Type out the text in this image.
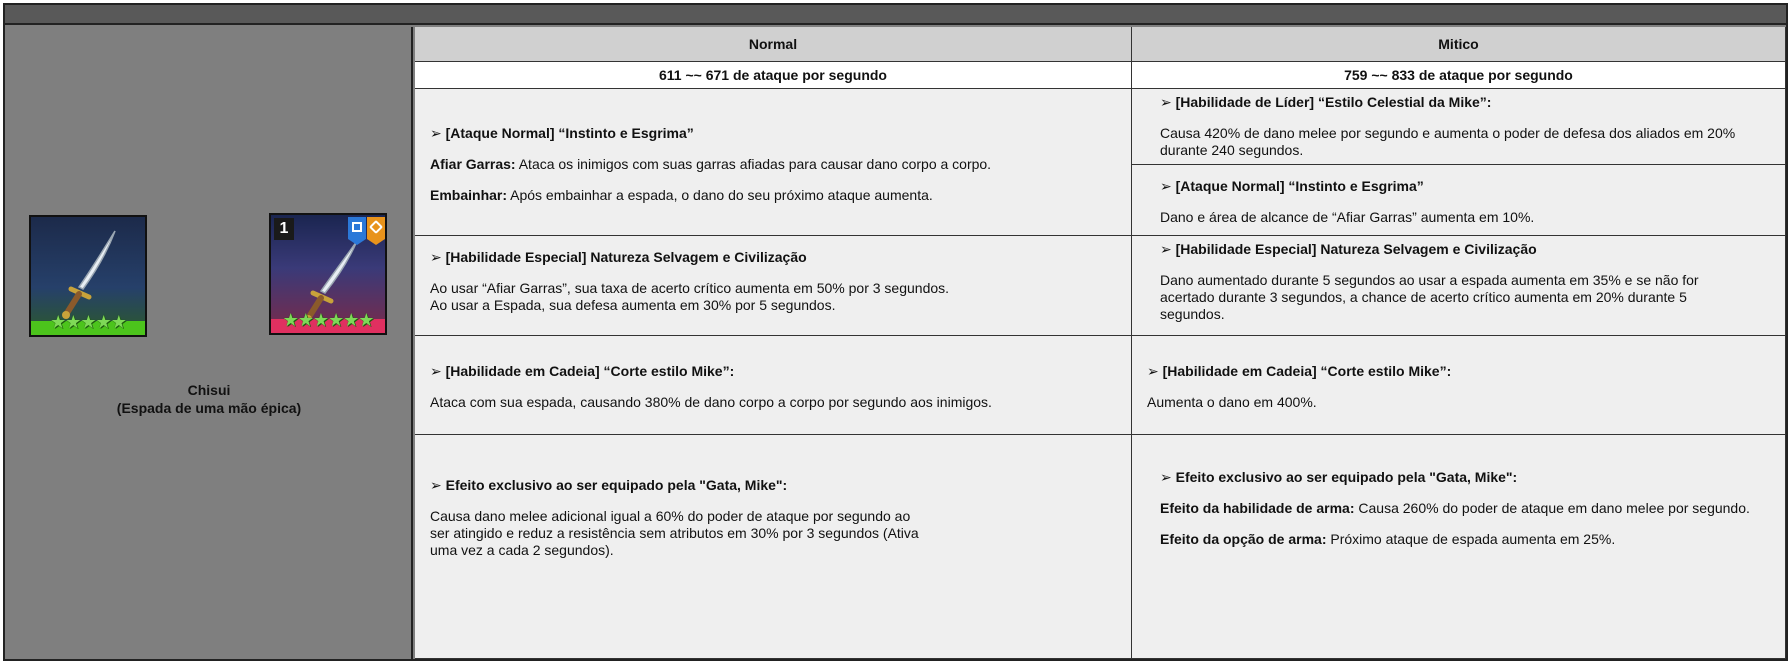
★★★★★
1
★★★★★★
Chisui
(Espada de uma mão épica)
Normal	Mitico
611 ~~ 671 de ataque por segundo	759 ~~ 833 de ataque por segundo

➢ [Ataque Normal] “Instinto e Esgrima”

Afiar Garras: Ataca os inimigos com suas garras afiadas para causar dano corpo a corpo.

Embainhar: Após embainhar a espada, o dano do seu próximo ataque aumenta.

➢ [Habilidade Especial] Natureza Selvagem e Civilização

Ao usar “Afiar Garras”, sua taxa de acerto crítico aumenta em 50% por 3 segundos.
Ao usar a Espada, sua defesa aumenta em 30% por 5 segundos.

➢ [Habilidade em Cadeia] “Corte estilo Mike”:

Ataca com sua espada, causando 380% de dano corpo a corpo por segundo aos inimigos.

➢ Efeito exclusivo ao ser equipado pela "Gata, Mike":

Causa dano melee adicional igual a 60% do poder de ataque por segundo ao ser atingido e reduz a resistência sem atributos em 30% por 3 segundos (Ativa uma vez a cada 2 segundos).

➢ [Habilidade de Líder] “Estilo Celestial da Mike”:

Causa 420% de dano melee por segundo e aumenta o poder de defesa dos aliados em 20% durante 240 segundos.

➢ [Ataque Normal] “Instinto e Esgrima”

Dano e área de alcance de “Afiar Garras” aumenta em 10%.

➢ [Habilidade Especial] Natureza Selvagem e Civilização

Dano aumentado durante 5 segundos ao usar a espada aumenta em 35% e se não for acertado durante 3 segundos, a chance de acerto crítico aumenta em 20% durante 5 segundos.

➢ [Habilidade em Cadeia] “Corte estilo Mike”:

Aumenta o dano em 400%.

➢ Efeito exclusivo ao ser equipado pela "Gata, Mike":

Efeito da habilidade de arma: Causa 260% do poder de ataque em dano melee por segundo.

Efeito da opção de arma: Próximo ataque de espada aumenta em 25%.
